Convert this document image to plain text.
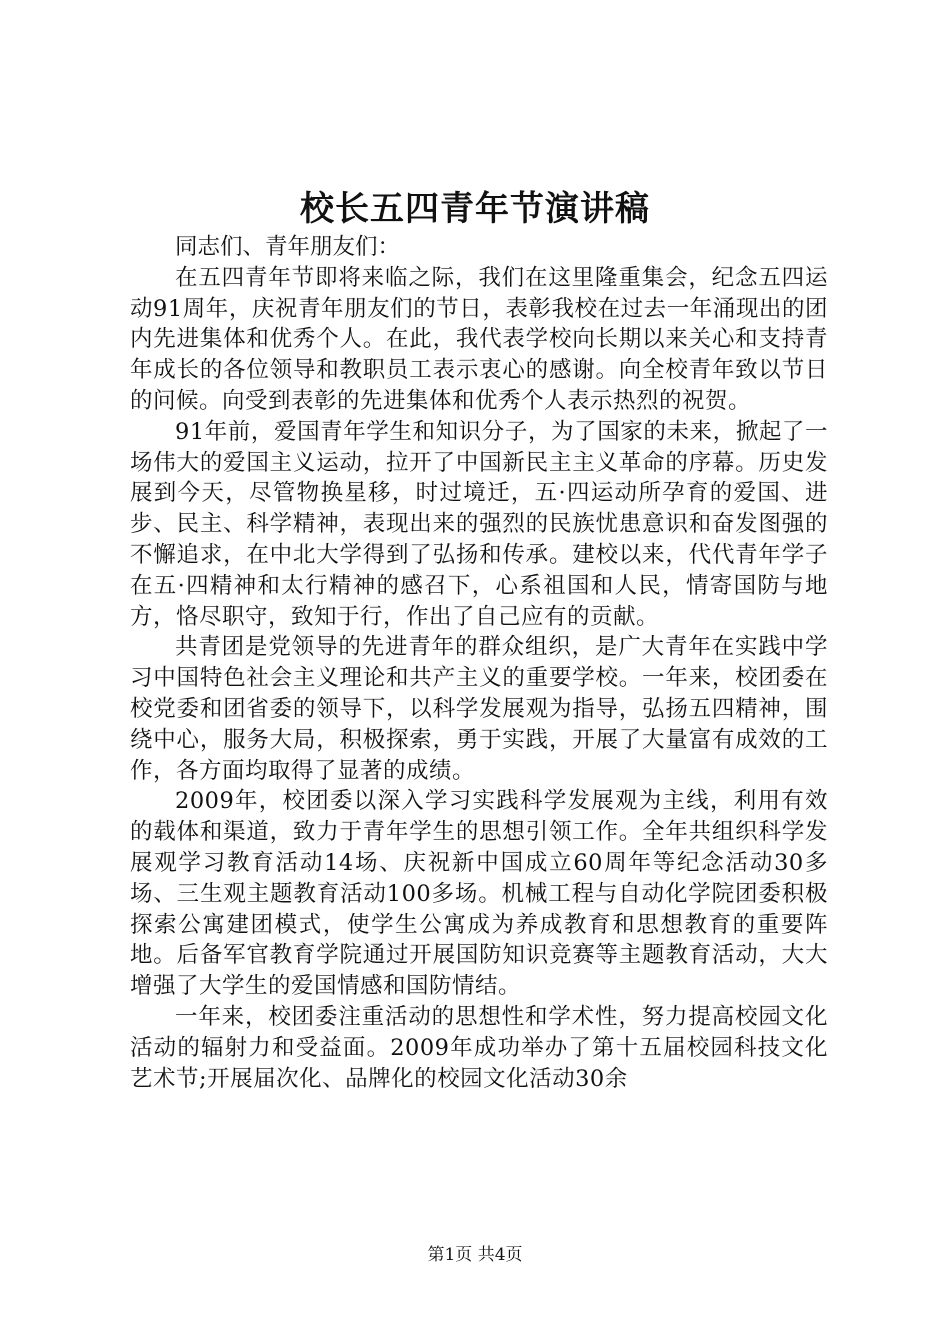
校长五四青年节演讲稿

同志们、青年朋友们：

在五四青年节即将来临之际，我们在这里隆重集会，纪念五四运动91周年，庆祝青年朋友们的节日，表彰我校在过去一年涌现出的团内先进集体和优秀个人。在此，我代表学校向长期以来关心和支持青年成长的各位领导和教职员工表示衷心的感谢。向全校青年致以节日的问候。向受到表彰的先进集体和优秀个人表示热烈的祝贺。

91年前，爱国青年学生和知识分子，为了国家的未来，掀起了一场伟大的爱国主义运动，拉开了中国新民主主义革命的序幕。历史发展到今天，尽管物换星移，时过境迁，五·四运动所孕育的爱国、进步、民主、科学精神，表现出来的强烈的民族忧患意识和奋发图强的不懈追求，在中北大学得到了弘扬和传承。建校以来，代代青年学子在五·四精神和太行精神的感召下，心系祖国和人民，情寄国防与地方，恪尽职守，致知于行，作出了自己应有的贡献。

共青团是党领导的先进青年的群众组织，是广大青年在实践中学习中国特色社会主义理论和共产主义的重要学校。一年来，校团委在校党委和团省委的领导下，以科学发展观为指导，弘扬五四精神，围绕中心，服务大局，积极探索，勇于实践，开展了大量富有成效的工作，各方面均取得了显著的成绩。

2009年，校团委以深入学习实践科学发展观为主线，利用有效的载体和渠道，致力于青年学生的思想引领工作。全年共组织科学发展观学习教育活动14场、庆祝新中国成立60周年等纪念活动30多场、三生观主题教育活动100多场。机械工程与自动化学院团委积极探索公寓建团模式，使学生公寓成为养成教育和思想教育的重要阵地。后备军官教育学院通过开展国防知识竞赛等主题教育活动，大大增强了大学生的爱国情感和国防情结。

一年来，校团委注重活动的思想性和学术性，努力提高校园文化活动的辐射力和受益面。2009年成功举办了第十五届校园科技文化艺术节;开展届次化、品牌化的校园文化活动30余

第1页 共4页
